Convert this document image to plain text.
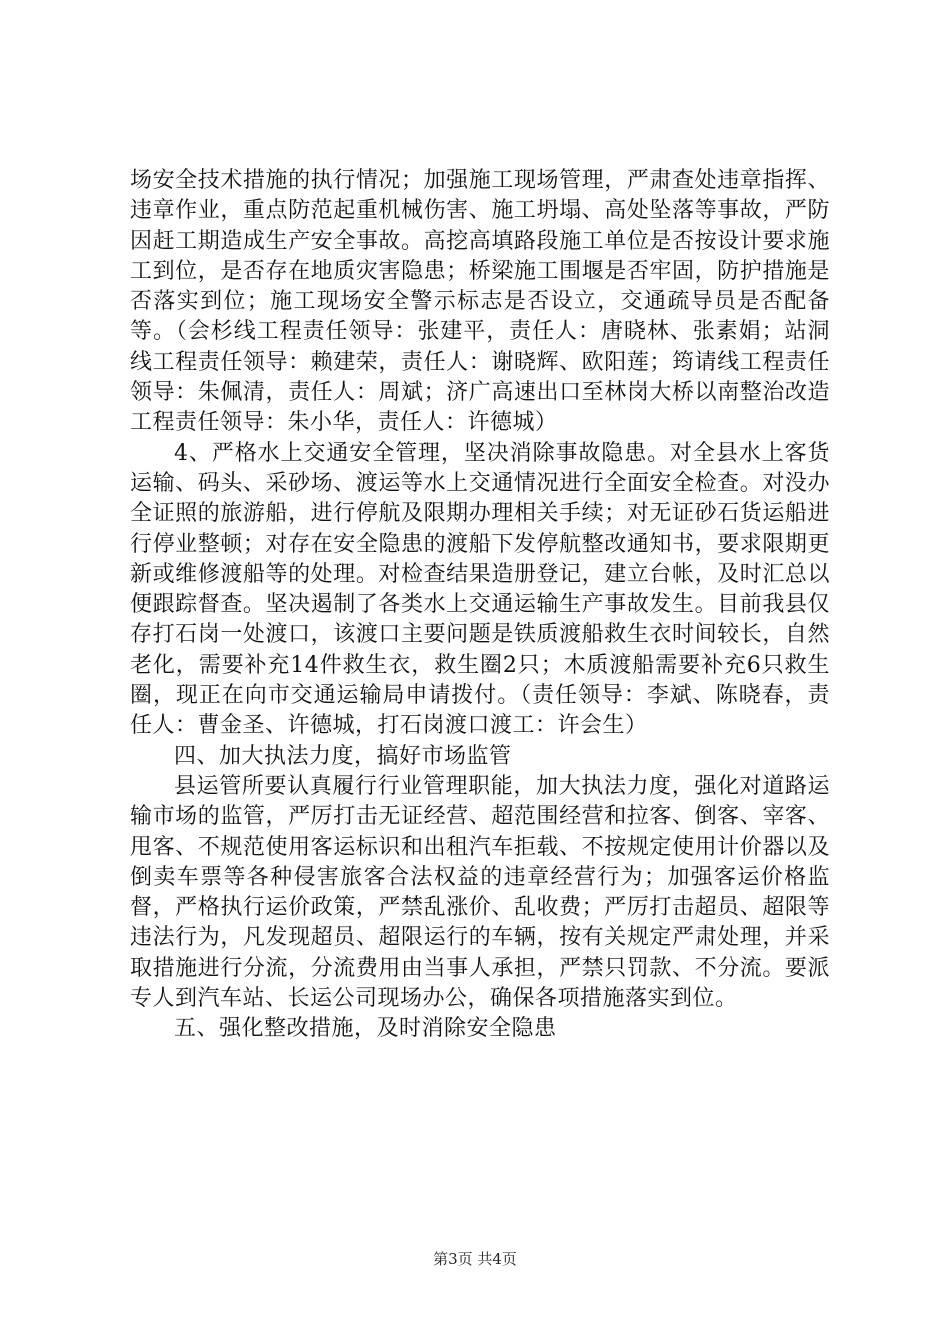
场安全技术措施的执行情况；加强施工现场管理，严肃查处违章指挥、违章作业，重点防范起重机械伤害、施工坍塌、高处坠落等事故，严防因赶工期造成生产安全事故。高挖高填路段施工单位是否按设计要求施工到位，是否存在地质灾害隐患；桥梁施工围堰是否牢固，防护措施是否落实到位；施工现场安全警示标志是否设立，交通疏导员是否配备等。（会杉线工程责任领导：张建平，责任人：唐晓林、张素娟；站洞线工程责任领导：赖建荣，责任人：谢晓辉、欧阳莲；筠请线工程责任领导：朱佩清，责任人：周斌；济广高速出口至林岗大桥以南整治改造工程责任领导：朱小华，责任人：许德城）

4、严格水上交通安全管理，坚决消除事故隐患。对全县水上客货运输、码头、采砂场、渡运等水上交通情况进行全面安全检查。对没办全证照的旅游船，进行停航及限期办理相关手续；对无证砂石货运船进行停业整顿；对存在安全隐患的渡船下发停航整改通知书，要求限期更新或维修渡船等的处理。对检查结果造册登记，建立台帐，及时汇总以便跟踪督查。坚决遏制了各类水上交通运输生产事故发生。目前我县仅存打石岗一处渡口，该渡口主要问题是铁质渡船救生衣时间较长，自然老化，需要补充14件救生衣，救生圈2只；木质渡船需要补充6只救生圈，现正在向市交通运输局申请拨付。（责任领导：李斌、陈晓春，责任人：曹金圣、许德城，打石岗渡口渡工：许会生）

四、加大执法力度，搞好市场监管

县运管所要认真履行行业管理职能，加大执法力度，强化对道路运输市场的监管，严厉打击无证经营、超范围经营和拉客、倒客、宰客、甩客、不规范使用客运标识和出租汽车拒载、不按规定使用计价器以及倒卖车票等各种侵害旅客合法权益的违章经营行为；加强客运价格监督，严格执行运价政策，严禁乱涨价、乱收费；严厉打击超员、超限等违法行为，凡发现超员、超限运行的车辆，按有关规定严肃处理，并采取措施进行分流，分流费用由当事人承担，严禁只罚款、不分流。要派专人到汽车站、长运公司现场办公，确保各项措施落实到位。

五、强化整改措施，及时消除安全隐患

第3页 共4页
